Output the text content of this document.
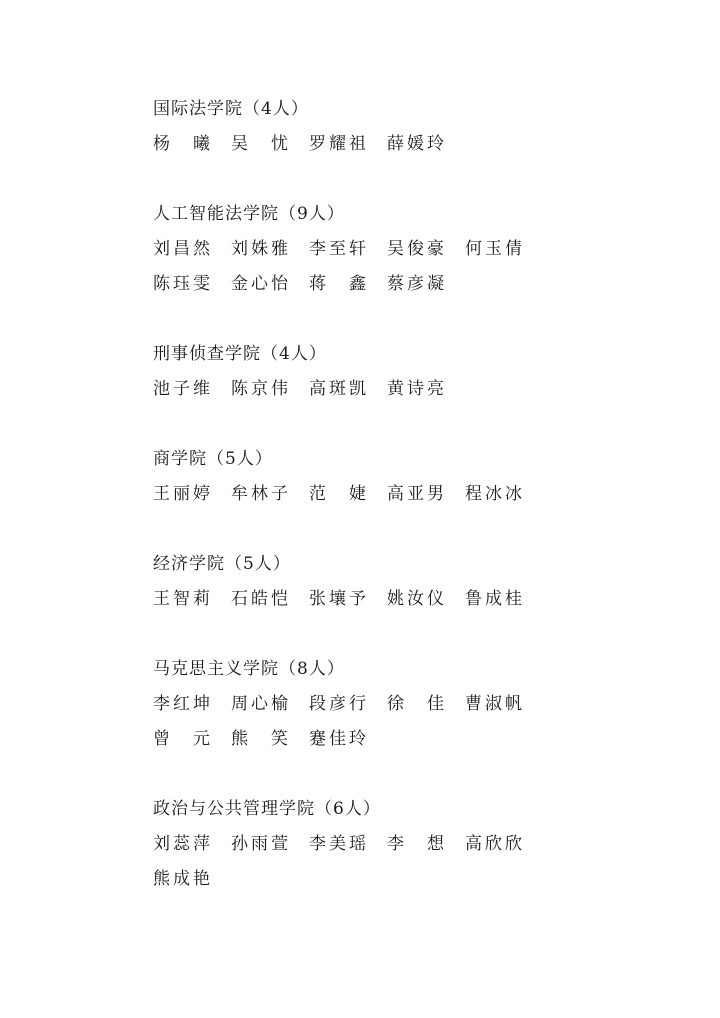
国际法学院（4人）
杨　曦 吴　忧 罗耀祖 薛媛玲
人工智能法学院（9人）
刘昌然 刘姝雅 李至轩 吴俊豪 何玉倩
陈珏雯 金心怡 蒋　鑫 蔡彦凝
刑事侦查学院（4人）
池子维 陈京伟 高斑凯 黄诗亮
商学院（5人）
王丽婷 牟林子 范　婕 高亚男 程冰冰
经济学院（5人）
王智莉 石皓恺 张壤予 姚汝仪 鲁成桂
马克思主义学院（8人）
李红坤 周心榆 段彦行 徐　佳 曹淑帆
曾　元 熊　笑 蹇佳玲
政治与公共管理学院（6人）
刘蕊萍 孙雨萱 李美瑶 李　想 高欣欣
熊成艳
